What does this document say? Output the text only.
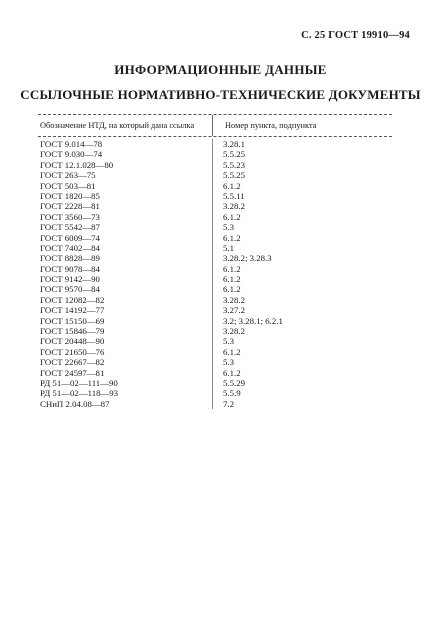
С. 25 ГОСТ 19910—94
ИНФОРМАЦИОННЫЕ ДАННЫЕ
ССЫЛОЧНЫЕ НОРМАТИВНО-ТЕХНИЧЕСКИЕ ДОКУМЕНТЫ
Обозначение НТД, на который дана ссылка	Номер пункта, подпункта
ГОСТ 9.014—78	3.28.1
ГОСТ 9.030—74	5.5.25
ГОСТ 12.1.028—80	5.5.23
ГОСТ 263—75	5.5.25
ГОСТ 503—81	6.1.2
ГОСТ 1820—85	5.5.11
ГОСТ 2228—81	3.28.2
ГОСТ 3560—73	6.1.2
ГОСТ 5542—87	5.3
ГОСТ 6009—74	6.1.2
ГОСТ 7402—84	5.1
ГОСТ 8828—89	3.28.2; 3.28.3
ГОСТ 9078—84	6.1.2
ГОСТ 9142—90	6.1.2
ГОСТ 9570—84	6.1.2
ГОСТ 12082—82	3.28.2
ГОСТ 14192—77	3.27.2
ГОСТ 15150—69	3.2; 3.28.1; 6.2.1
ГОСТ 15846—79	3.28.2
ГОСТ 20448—90	5.3
ГОСТ 21650—76	6.1.2
ГОСТ 22667—82	5.3
ГОСТ 24597—81	6.1.2
РД 51—02—111—90	5.5.29
РД 51—02—118—93	5.5.9
СНиП 2.04.08—87	7.2
